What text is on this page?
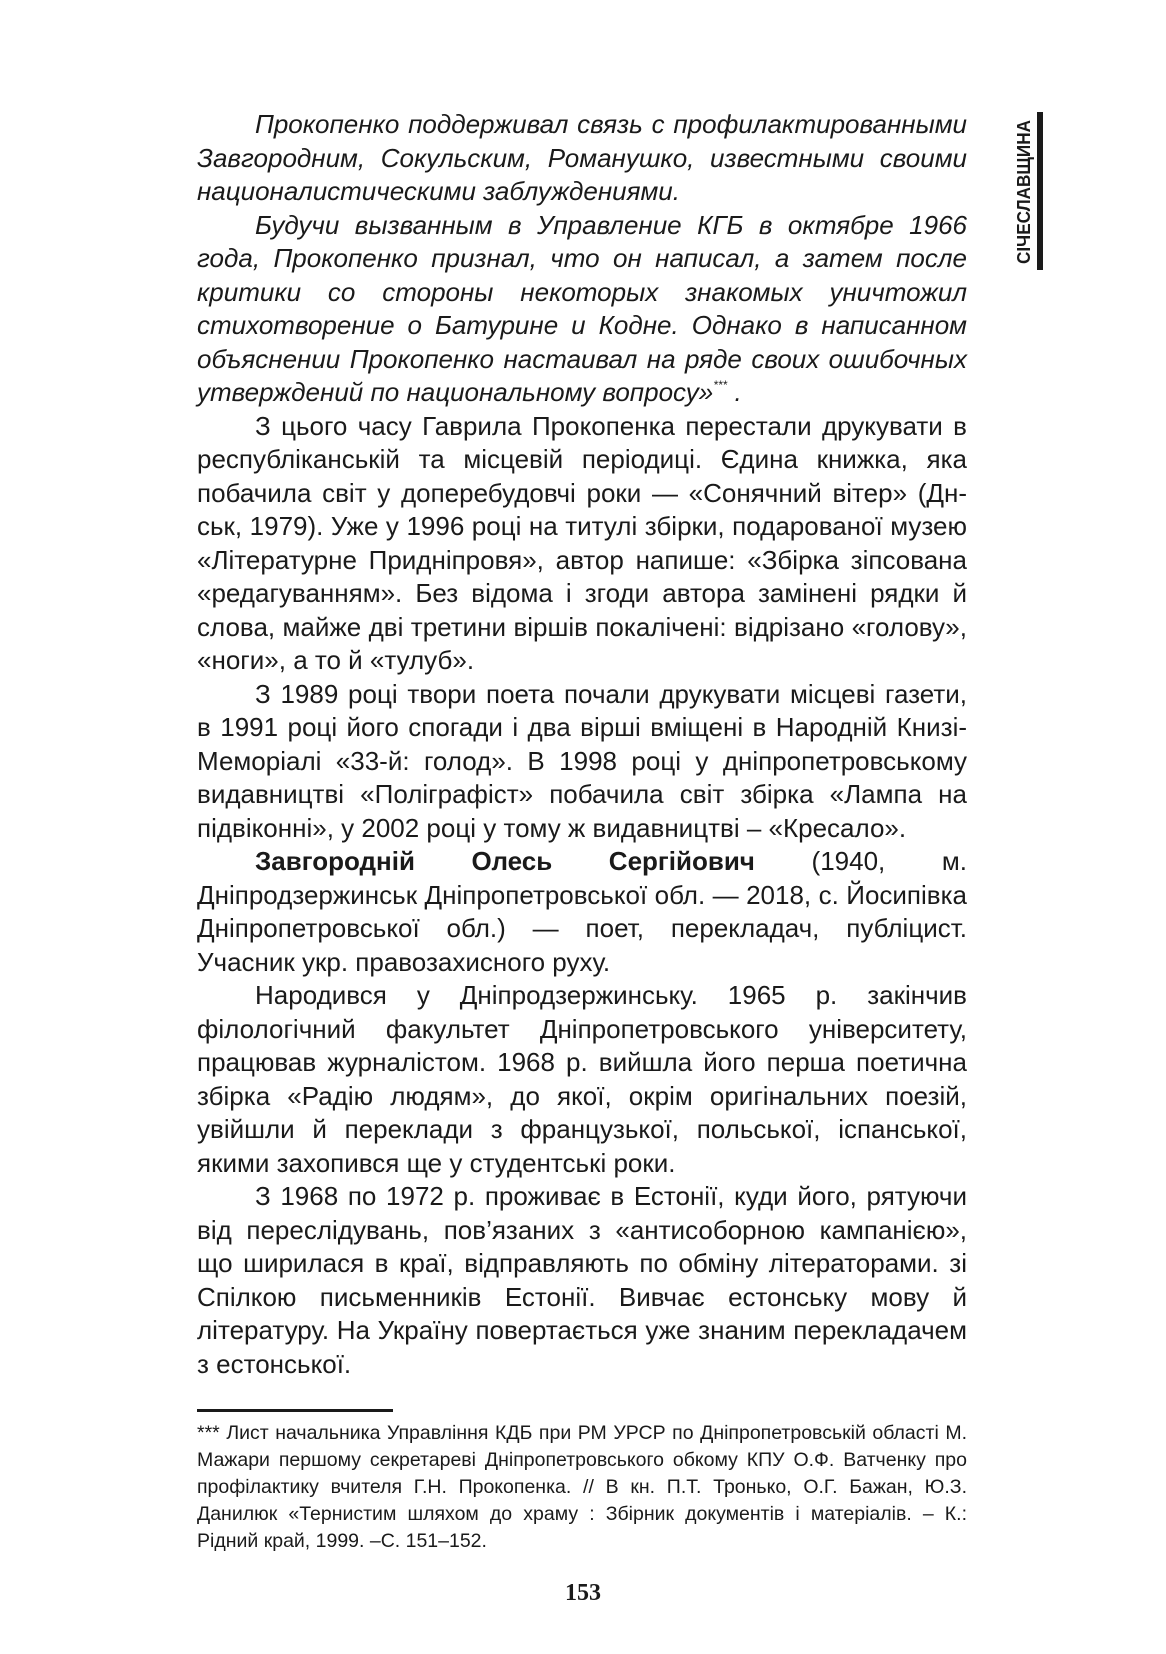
СІЧЕСЛАВЩИНА

Прокопенко поддерживал связь с профилактированными Завгородним, Сокульским, Романушко, известными своими националистическими заблуждениями.

Будучи вызванным в Управление КГБ в октябре 1966 года, Прокопенко признал, что он написал, а затем после критики со стороны некоторых знакомых уничтожил стихотворение о Батурине и Кодне. Однако в написанном объяснении Прокопенко настаивал на ряде своих ошибочных утверждений по национальному вопросу»*** .

З цього часу Гаврила Прокопенка перестали друкувати в республіканській та місцевій періодиці. Єдина книжка, яка побачила світ у доперебудовчі роки — «Сонячний вітер» (Дн-ськ, 1979). Уже у 1996 році на титулі збірки, подарованої музею «Літературне Придніпровя», автор напише: «Збірка зіпсована «редагуванням». Без відома і згоди автора замінені рядки й слова, майже дві третини віршів покалічені: відрізано «голову», «ноги», а то й «тулуб».

З 1989 році твори поета почали друкувати місцеві газети, в 1991 році його спогади і два вірші вміщені в Народній Книзі-Меморіалі «33-й: голод». В 1998 році у дніпропетровському видавництві «Поліграфіст» побачила світ збірка «Лампа на підвіконні», у 2002 році у тому ж видавництві – «Кресало».

Завгородній Олесь Сергійович (1940, м. Дніпродзержинськ Дніпропетровської обл. — 2018, с. Йосипівка Дніпропетровської обл.) — поет, перекладач, публіцист. Учасник укр. правозахисного руху.

Народився у Дніпродзержинську. 1965 р. закінчив філологічний факультет Дніпропетровського університету, працював журналістом. 1968 р. вийшла його перша поетична збірка «Радію людям», до якої, окрім оригінальних поезій, увійшли й переклади з французької, польської, іспанської, якими захопився ще у студентські роки.

З 1968 по 1972 р. проживає в Естонії, куди його, рятуючи від переслідувань, пов’язаних з «антисоборною кампанією», що ширилася в краї, відправляють по обміну літераторами. зі Спілкою письменників Естонії. Вивчає естонську мову й літературу. На Україну повертається уже знаним перекладачем з естонської.

*** Лист начальника Управління КДБ при РМ УРСР по Дніпропетровській області М. Мажари першому секретареві Дніпропетровського обкому КПУ О.Ф. Ватченку про профілактику вчителя Г.Н. Прокопенка. // В кн. П.Т. Тронько, О.Г. Бажан, Ю.З. Данилюк «Тернистим шляхом до храму : Збірник документів і матеріалів. – К.: Рідний край, 1999. –С. 151–152.

153
